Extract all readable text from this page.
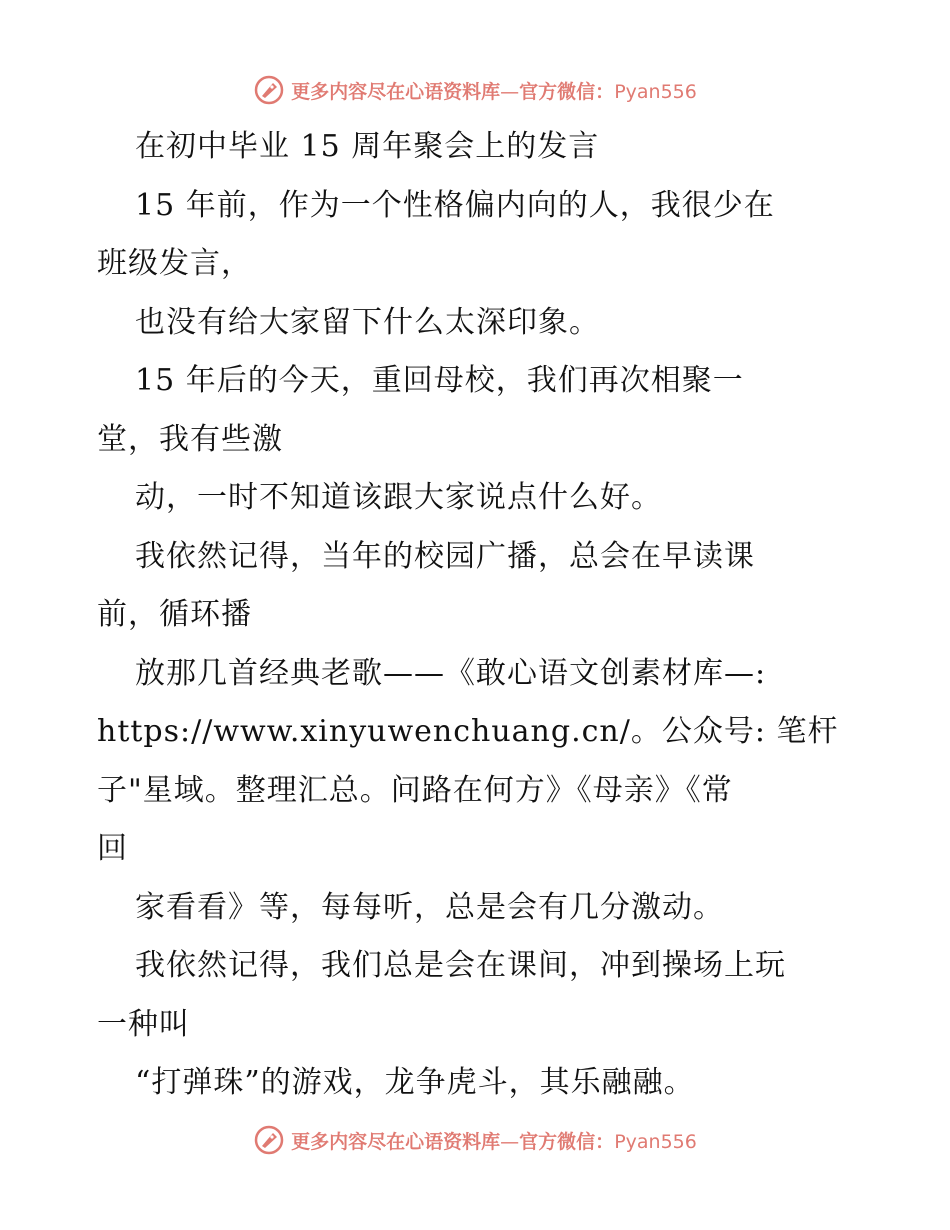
更多内容尽在心语资料库—官方微信：Pyan556
在初中毕业 15 周年聚会上的发言
15 年前，作为一个性格偏内向的人，我很少在
班级发言，
也没有给大家留下什么太深印象。
15 年后的今天，重回母校，我们再次相聚一
堂，我有些激
动，一时不知道该跟大家说点什么好。
我依然记得，当年的校园广播，总会在早读课
前，循环播
放那几首经典老歌——《敢心语文创素材库—:
https://www.xinyuwenchuang.cn/。公众号: 笔杆
子"星域。整理汇总。问路在何方》《母亲》《常
回
家看看》等，每每听，总是会有几分激动。
我依然记得，我们总是会在课间，冲到操场上玩
一种叫
“打弹珠”的游戏，龙争虎斗，其乐融融。
更多内容尽在心语资料库—官方微信：Pyan556
